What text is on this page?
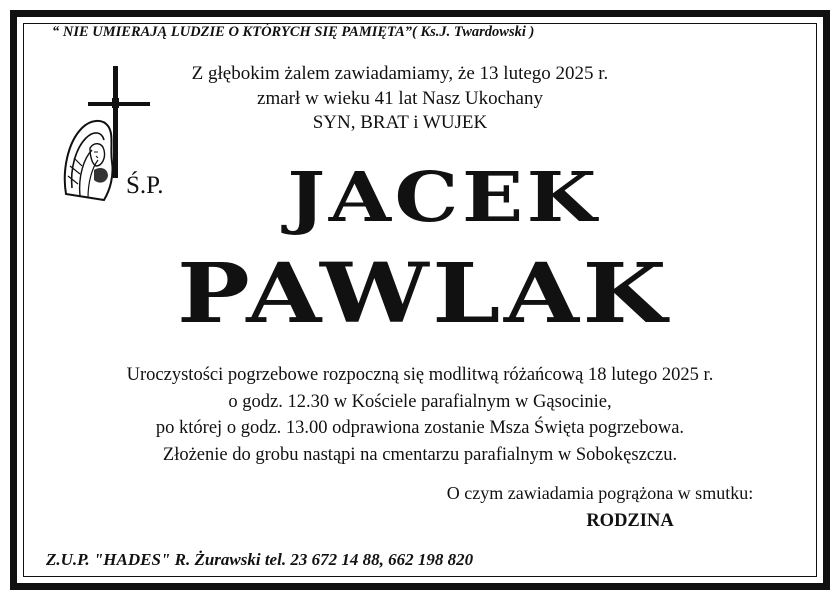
“ NIE UMIERAJĄ LUDZIE O KTÓRYCH SIĘ PAMIĘTA”( Ks.J. Twardowski )
Z głębokim żalem zawiadamiamy, że 13 lutego 2025 r.
zmarł w wieku 41 lat Nasz Ukochany
SYN, BRAT i WUJEK
Ś.P.	JACEK
PAWLAK
Uroczystości pogrzebowe rozpoczną się modlitwą różańcową 18 lutego 2025 r.
o godz. 12.30 w Kościele parafialnym w Gąsocinie,
po której o godz. 13.00 odprawiona zostanie Msza Święta pogrzebowa.
Złożenie do grobu nastąpi na cmentarzu parafialnym w Sobokęszczu.
O czym zawiadamia pogrążona w smutku:
RODZINA
Z.U.P. "HADES" R. Żurawski tel. 23 672 14 88, 662 198 820
